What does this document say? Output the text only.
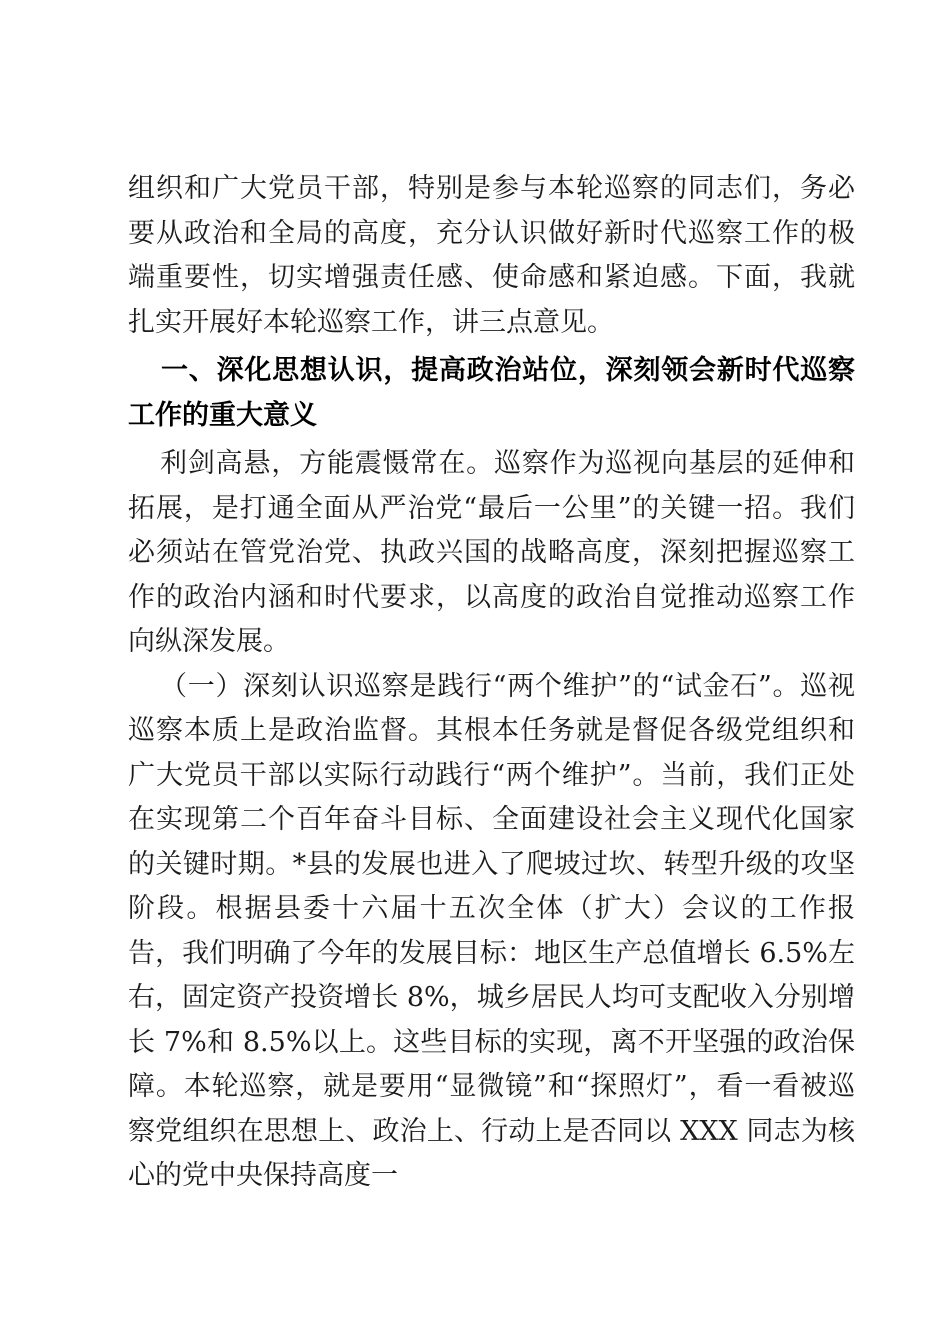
组织和广大党员干部，特别是参与本轮巡察的同志们，务必要从政治和全局的高度，充分认识做好新时代巡察工作的极端重要性，切实增强责任感、使命感和紧迫感。下面，我就扎实开展好本轮巡察工作，讲三点意见。

一、深化思想认识，提高政治站位，深刻领会新时代巡察工作的重大意义

利剑高悬，方能震慑常在。巡察作为巡视向基层的延伸和拓展，是打通全面从严治党“最后一公里”的关键一招。我们必须站在管党治党、执政兴国的战略高度，深刻把握巡察工作的政治内涵和时代要求，以高度的政治自觉推动巡察工作向纵深发展。

（一）深刻认识巡察是践行“两个维护”的“试金石”。巡视巡察本质上是政治监督。其根本任务就是督促各级党组织和广大党员干部以实际行动践行“两个维护”。当前，我们正处在实现第二个百年奋斗目标、全面建设社会主义现代化国家的关键时期。*县的发展也进入了爬坡过坎、转型升级的攻坚阶段。根据县委十六届十五次全体（扩大）会议的工作报告，我们明确了今年的发展目标：地区生产总值增长 6.5%左右，固定资产投资增长 8%，城乡居民人均可支配收入分别增长 7%和 8.5%以上。这些目标的实现，离不开坚强的政治保障。本轮巡察，就是要用“显微镜”和“探照灯”，看一看被巡察党组织在思想上、政治上、行动上是否同以 XXX 同志为核心的党中央保持高度一
